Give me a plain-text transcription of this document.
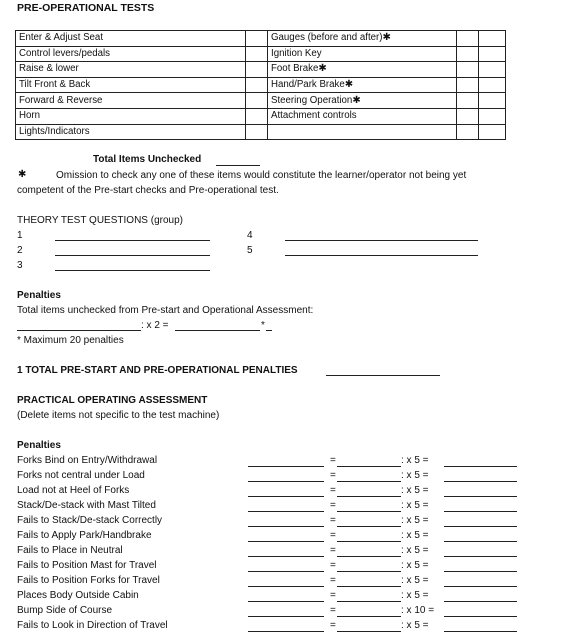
PRE-OPERATIONAL TESTS
Enter & Adjust Seat		Gauges (before and after)✱		
Control levers/pedals		Ignition Key		
Raise & lower		Foot Brake✱		
Tilt Front & Back		Hand/Park Brake✱		
Forward & Reverse		Steering Operation✱		
Horn		Attachment controls		
Lights/Indicators				
Total Items Unchecked
✱	Omission to check any one of these items would constitute the learner/operator not being yet
competent of the Pre-start checks and Pre-operational test.
THEORY TEST QUESTIONS (group)
1
2
3
4
5
Penalties
Total items unchecked from Pre-start and Operational Assessment:
: x 2 =	*
* Maximum 20 penalties
1 TOTAL PRE-START AND PRE-OPERATIONAL PENALTIES
PRACTICAL OPERATING ASSESSMENT
(Delete items not specific to the test machine)
Penalties
Forks Bind on Entry/Withdrawal	=	: x 5 =
Forks not central under Load	=	: x 5 =
Load not at Heel of Forks	=	: x 5 =
Stack/De-stack with Mast Tilted	=	: x 5 =
Fails to Stack/De-stack Correctly	=	: x 5 =
Fails to Apply Park/Handbrake	=	: x 5 =
Fails to Place in Neutral	=	: x 5 =
Fails to Position Mast for Travel	=	: x 5 =
Fails to Position Forks for Travel	=	: x 5 =
Places Body Outside Cabin	=	: x 5 =
Bump Side of Course	=	: x 10 =
Fails to Look in Direction of Travel	=	: x 5 =
